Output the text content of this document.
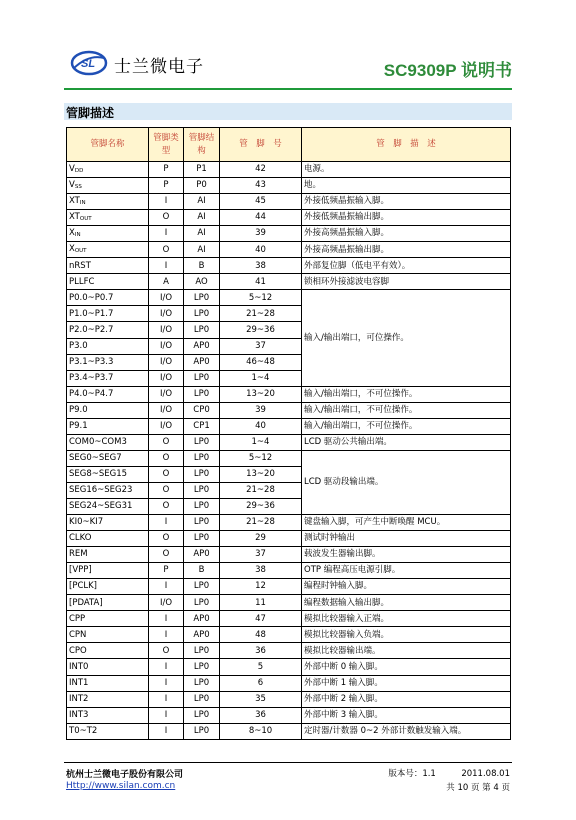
SL 士兰微电子	SC9309P 说明书
管脚描述
管脚名称	管脚类型	管脚结构	管　脚　号	管　脚　描　述
$V_{DD}$	P	P1	42	电源。
$V_{SS}$	P	P0	43	地。
$XT_{IN}$	I	AI	45	外接低频晶振输入脚。
$XT_{OUT}$	O	AI	44	外接低频晶振输出脚。
$X_{IN}$	I	AI	39	外接高频晶振输入脚。
$X_{OUT}$	O	AI	40	外接高频晶振输出脚。
nRST	I	B	38	外部复位脚（低电平有效）。
PLLFC	A	AO	41	锁相环外接滤波电容脚
P0.0~P0.7	I/O	LP0	5~12	输入/输出端口，可位操作。
P1.0~P1.7	I/O	LP0	21~28	
P2.0~P2.7	I/O	LP0	29~36	
P3.0	I/O	AP0	37	
P3.1~P3.3	I/O	AP0	46~48	
P3.4~P3.7	I/O	LP0	1~4	
P4.0~P4.7	I/O	LP0	13~20	输入/输出端口，不可位操作。
P9.0	I/O	CP0	39	输入/输出端口，不可位操作。
P9.1	I/O	CP1	40	输入/输出端口，不可位操作。
COM0~COM3	O	LP0	1~4	LCD 驱动公共输出端。
SEG0~SEG7	O	LP0	5~12	LCD 驱动段输出端。
SEG8~SEG15	O	LP0	13~20	
SEG16~SEG23	O	LP0	21~28	
SEG24~SEG31	O	LP0	29~36	
KI0~KI7	I	LP0	21~28	键盘输入脚，可产生中断唤醒 MCU。
CLKO	O	LP0	29	测试时钟输出
REM	O	AP0	37	载波发生器输出脚。
[VPP]	P	B	38	OTP 编程高压电源引脚。
[PCLK]	I	LP0	12	编程时钟输入脚。
[PDATA]	I/O	LP0	11	编程数据输入输出脚。
CPP	I	AP0	47	模拟比较器输入正端。
CPN	I	AP0	48	模拟比较器输入负端。
CPO	O	LP0	36	模拟比较器输出端。
INT0	I	LP0	5	外部中断 0 输入脚。
INT1	I	LP0	6	外部中断 1 输入脚。
INT2	I	LP0	35	外部中断 2 输入脚。
INT3	I	LP0	36	外部中断 3 输入脚。
T0~T2	I	LP0	8~10	定时器/计数器 0~2 外部计数触发输入端。
杭州士兰微电子股份有限公司
Http://www.silan.com.cn
版本号：1.1　　　2011.08.01
共 10 页 第 4 页
